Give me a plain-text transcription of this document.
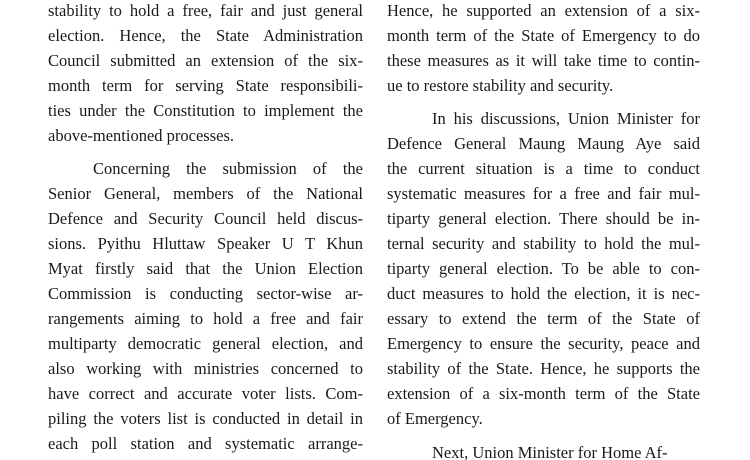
stability to hold a free, fair and just general
election. Hence, the State Administration
Council submitted an extension of the six-
month term for serving State responsibili-
ties under the Constitution to implement the
above-mentioned processes.
Concerning the submission of the
Senior General, members of the National
Defence and Security Council held discus-
sions. Pyithu Hluttaw Speaker U T Khun
Myat firstly said that the Union Election
Commission is conducting sector-wise ar-
rangements aiming to hold a free and fair
multiparty democratic general election, and
also working with ministries concerned to
have correct and accurate voter lists. Com-
piling the voters list is conducted in detail in
each poll station and systematic arrange-
Hence, he supported an extension of a six-
month term of the State of Emergency to do
these measures as it will take time to contin-
ue to restore stability and security.
In his discussions, Union Minister for
Defence General Maung Maung Aye said
the current situation is a time to conduct
systematic measures for a free and fair mul-
tiparty general election. There should be in-
ternal security and stability to hold the mul-
tiparty general election. To be able to con-
duct measures to hold the election, it is nec-
essary to extend the term of the State of
Emergency to ensure the security, peace and
stability of the State. Hence, he supports the
extension of a six-month term of the State
of Emergency.
Next, Union Minister for Home Af-
